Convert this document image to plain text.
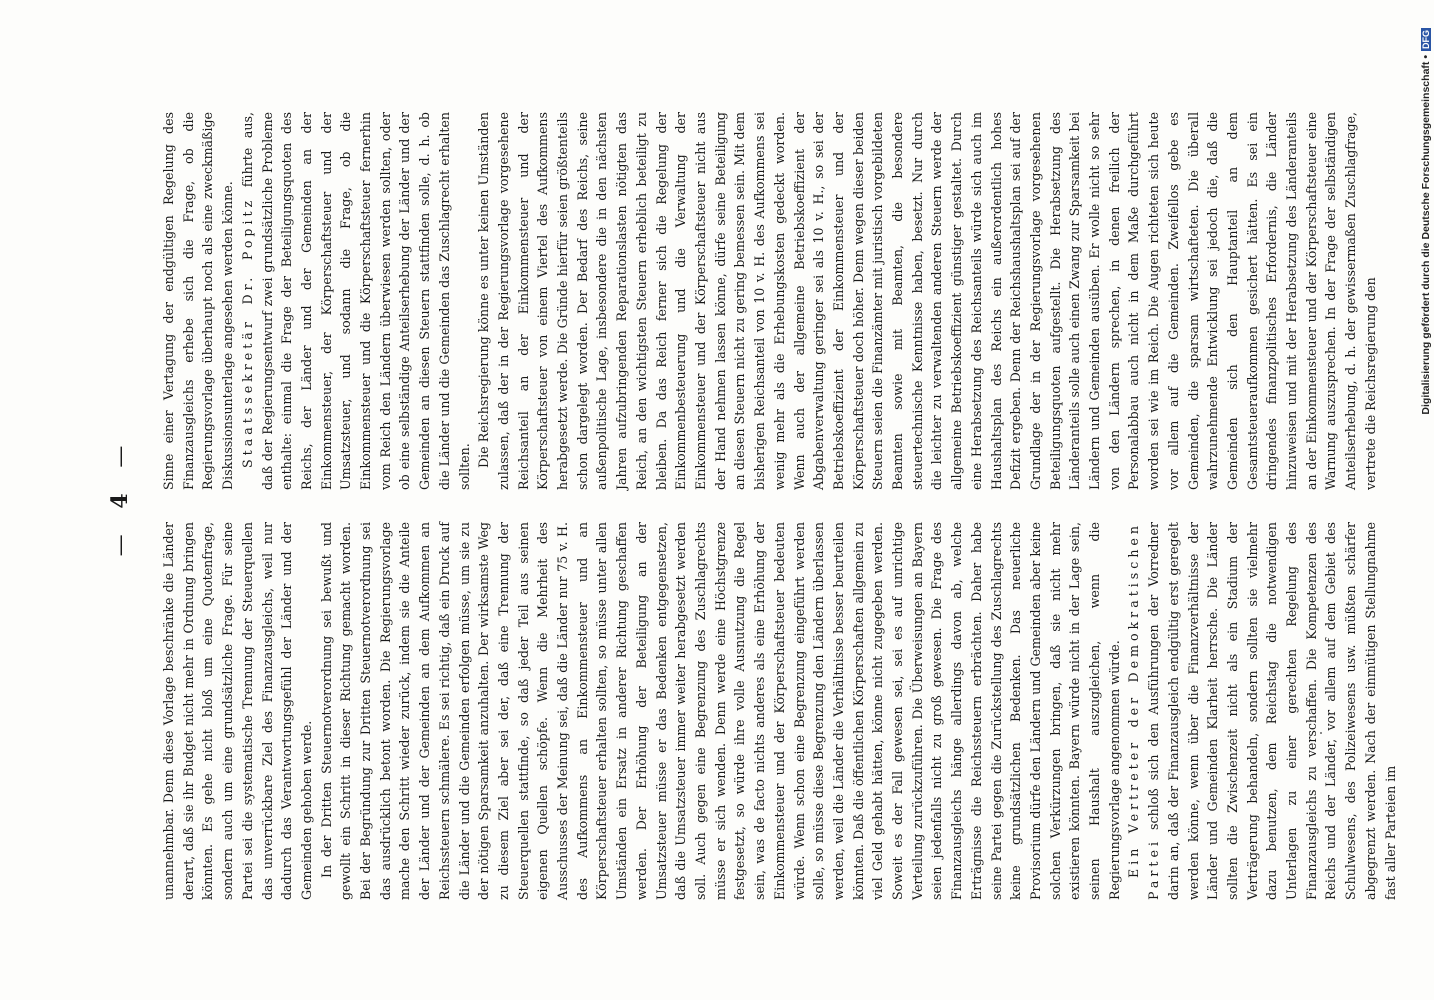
— 4 —

unannehmbar. Denn diese Vorlage beschränke die Länder derart, daß sie ihr Budget nicht mehr in Ordnung bringen könnten. Es gehe nicht bloß um eine Quotenfrage, sondern auch um eine grundsätzliche Frage. Für seine Partei sei die systematische Trennung der Steuerquellen das unverrückbare Ziel des Finanzausgleichs, weil nur dadurch das Verantwortungsgefühl der Länder und der Gemeinden gehoben werde. In der Dritten Steuernotverordnung sei bewußt und gewollt ein Schritt in dieser Richtung gemacht worden. Bei der Begründung zur Dritten Steuernotverordnung sei das ausdrücklich betont worden. Die Regierungsvorlage mache den Schritt wieder zurück, indem sie die Anteile der Länder und der Gemeinden an dem Aufkommen an Reichssteuern schmälere. Es sei richtig, daß ein Druck auf die Länder und die Gemeinden erfolgen müsse, um sie zu der nötigen Sparsamkeit anzuhalten. Der wirksamste Weg zu diesem Ziel aber sei der, daß eine Trennung der Steuerquellen stattfinde, so daß jeder Teil aus seinen eigenen Quellen schöpfe. Wenn die Mehrheit des Ausschusses der Meinung sei, daß die Länder nur 75 v. H. des Aufkommens an Einkommensteuer und an Körperschaftsteuer erhalten sollten, so müsse unter allen Umständen ein Ersatz in anderer Richtung geschaffen werden. Der Erhöhung der Beteiligung an der Umsatzsteuer müsse er das Bedenken entgegensetzen, daß die Umsatzsteuer immer weiter herabgesetzt werden soll. Auch gegen eine Begrenzung des Zuschlagrechts müsse er sich wenden. Denn werde eine Höchstgrenze festgesetzt, so würde ihre volle Ausnutzung die Regel sein, was de facto nichts anderes als eine Erhöhung der Einkommensteuer und der Körperschaftsteuer bedeuten würde. Wenn schon eine Begrenzung eingeführt werden solle, so müsse diese Begrenzung den Ländern überlassen werden, weil die Länder die Verhältnisse besser beurteilen könnten. Daß die öffentlichen Körperschaften allgemein zu viel Geld gehabt hätten, könne nicht zugegeben werden. Soweit es der Fall gewesen sei, sei es auf unrichtige Verteilung zurückzuführen. Die Überweisungen an Bayern seien jedenfalls nicht zu groß gewesen. Die Frage des Finanzausgleichs hänge allerdings davon ab, welche Erträgnisse die Reichssteuern erbrächten. Daher habe seine Partei gegen die Zurückstellung des Zuschlagrechts keine grundsätzlichen Bedenken. Das neuerliche Provisorium dürfe den Ländern und Gemeinden aber keine solchen Verkürzungen bringen, daß sie nicht mehr existieren könnten. Bayern würde nicht in der Lage sein, seinen Haushalt auszugleichen, wenn die Regierungsvorlage angenommen würde. Ein Vertreter der Demokratischen Partei schloß sich den Ausführungen der Vorredner darin an, daß der Finanzausgleich endgültig erst geregelt werden könne, wenn über die Finanzverhältnisse der Länder und Gemeinden Klarheit herrsche. Die Länder sollten die Zwischenzeit nicht als ein Stadium der Verträgerung behandeln, sondern sollten sie vielmehr dazu benutzen, dem Reichstag die notwendigen Unterlagen zu einer gerechten Regelung des Finanzausgleichs zu verschaffen. Die Kompetenzen des Reichs und der Länder, vor allem auf dem Gebiet des Schulwesens, des Polizeiwesens usw. müßten schärfer abgegrenzt werden. Nach der einmütigen Stellungnahme fast aller Parteien im

Sinne einer Vertagung der endgültigen Regelung des Finanzausgleichs erhebe sich die Frage, ob die Regierungsvorlage überhaupt noch als eine zweckmäßige Diskussionsunterlage angesehen werden könne. Staatssekretär Dr. Popitz führte aus, daß der Regierungsentwurf zwei grundsätzliche Probleme enthalte: einmal die Frage der Beteiligungsquoten des Reichs, der Länder und der Gemeinden an der Einkommensteuer, der Körperschaftsteuer und der Umsatzsteuer, und sodann die Frage, ob die Einkommensteuer und die Körperschaftsteuer fernerhin vom Reich den Ländern überwiesen werden sollten, oder ob eine selbständige Anteilserhebung der Länder und der Gemeinden an diesen Steuern stattfinden solle, d. h. ob die Länder und die Gemeinden das Zuschlagrecht erhalten sollten. Die Reichsregierung könne es unter keinen Umständen zulassen, daß der in der Regierungsvorlage vorgesehene Reichsanteil an der Einkommensteuer und der Körperschaftsteuer von einem Viertel des Aufkommens herabgesetzt werde. Die Gründe hierfür seien größtenteils schon dargelegt worden. Der Bedarf des Reichs, seine außenpolitische Lage, insbesondere die in den nächsten Jahren aufzubringenden Reparationslasten nötigten das Reich, an den wichtigsten Steuern erheblich beteiligt zu bleiben. Da das Reich ferner sich die Regelung der Einkommenbesteuerung und die Verwaltung der Einkommensteuer und der Körperschaftsteuer nicht aus der Hand nehmen lassen könne, dürfe seine Beteiligung an diesen Steuern nicht zu gering bemessen sein. Mit dem bisherigen Reichsanteil von 10 v. H. des Aufkommens sei wenig mehr als die Erhebungskosten gedeckt worden. Wenn auch der allgemeine Betriebskoeffizient der Abgabenverwaltung geringer sei als 10 v. H., so sei der Betriebskoeffizient der Einkommensteuer und der Körperschaftsteuer doch höher. Denn wegen dieser beiden Steuern seien die Finanzämter mit juristisch vorgebildeten Beamten sowie mit Beamten, die besondere steuertechnische Kenntnisse haben, besetzt. Nur durch die leichter zu verwaltenden anderen Steuern werde der allgemeine Betriebskoeffizient günstiger gestaltet. Durch eine Herabsetzung des Reichsanteils würde sich auch im Haushaltsplan des Reichs ein außerordentlich hohes Defizit ergeben. Denn der Reichshaushaltsplan sei auf der Grundlage der in der Regierungsvorlage vorgesehenen Beteiligungsquoten aufgestellt. Die Herabsetzung des Länderanteils solle auch einen Zwang zur Sparsamkeit bei Ländern und Gemeinden ausüben. Er wolle nicht so sehr von den Ländern sprechen, in denen freilich der Personalabbau auch nicht in dem Maße durchgeführt worden sei wie im Reich. Die Augen richteten sich heute vor allem auf die Gemeinden. Zweifellos gebe es Gemeinden, die sparsam wirtschafteten. Die überall wahrzunehmende Entwicklung sei jedoch die, daß die Gemeinden sich den Hauptanteil an dem Gesamtsteueraufkommen gesichert hätten. Es sei ein dringendes finanzpolitisches Erfordernis, die Länder hinzuweisen und mit der Herabsetzung des Länderanteils an der Einkommensteuer und der Körperschaftsteuer eine Warnung auszusprechen. In der Frage der selbständigen Anteilserhebung, d. h. der gewissermaßen Zuschlagfrage, vertrete die Reichsregierung den	Digitalisierung gefördert durch die Deutsche Forschungsgemeinschaft •DFG
